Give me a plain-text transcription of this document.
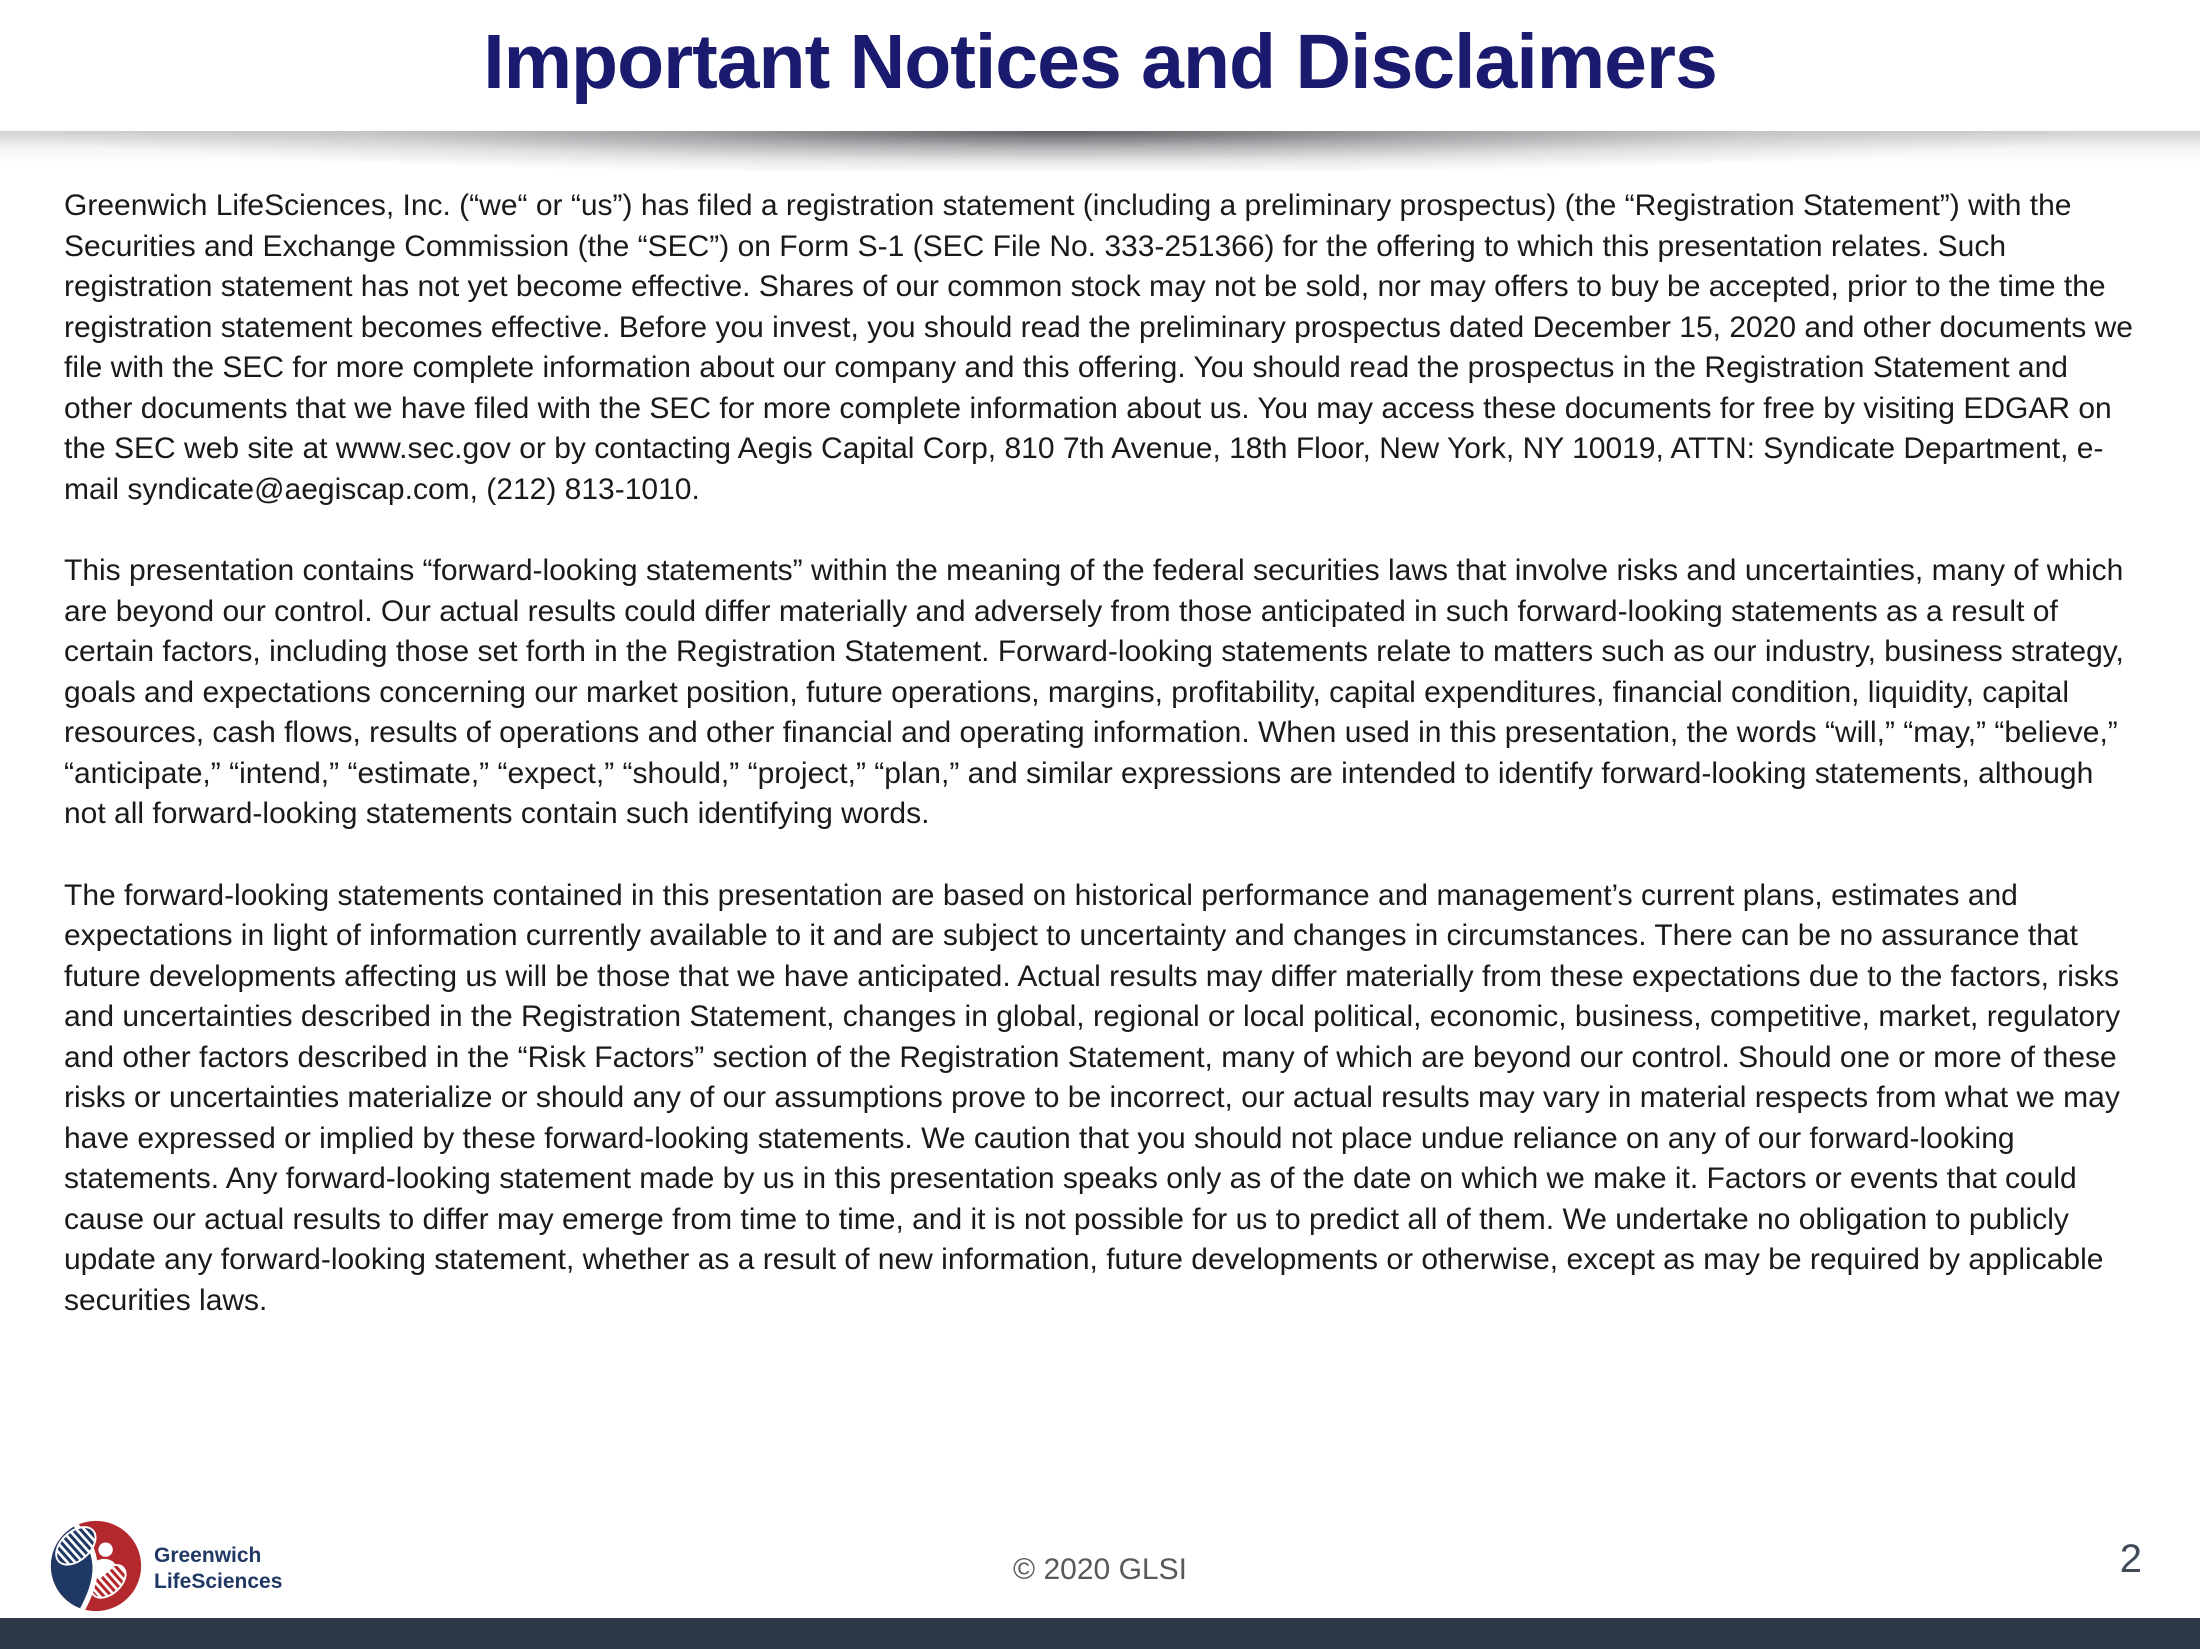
Important Notices and Disclaimers

Greenwich LifeSciences, Inc. (“we“ or “us”) has filed a registration statement (including a preliminary prospectus) (the “Registration Statement”) with the Securities and Exchange Commission (the “SEC”) on Form S-1 (SEC File No. 333-251366) for the offering to which this presentation relates. Such registration statement has not yet become effective. Shares of our common stock may not be sold, nor may offers to buy be accepted, prior to the time the registration statement becomes effective. Before you invest, you should read the preliminary prospectus dated December 15, 2020 and other documents we file with the SEC for more complete information about our company and this offering. You should read the prospectus in the Registration Statement and other documents that we have filed with the SEC for more complete information about us. You may access these documents for free by visiting EDGAR on the SEC web site at www.sec.gov or by contacting Aegis Capital Corp, 810 7th Avenue, 18th Floor, New York, NY 10019, ATTN: Syndicate Department, e-mail syndicate@aegiscap.com, (212) 813-1010.

This presentation contains “forward-looking statements” within the meaning of the federal securities laws that involve risks and uncertainties, many of which are beyond our control. Our actual results could differ materially and adversely from those anticipated in such forward-looking statements as a result of certain factors, including those set forth in the Registration Statement. Forward-looking statements relate to matters such as our industry, business strategy, goals and expectations concerning our market position, future operations, margins, profitability, capital expenditures, financial condition, liquidity, capital resources, cash flows, results of operations and other financial and operating information. When used in this presentation, the words “will,” “may,” “believe,” “anticipate,” “intend,” “estimate,” “expect,” “should,” “project,” “plan,” and similar expressions are intended to identify forward-looking statements, although not all forward-looking statements contain such identifying words.

The forward-looking statements contained in this presentation are based on historical performance and management’s current plans, estimates and expectations in light of information currently available to it and are subject to uncertainty and changes in circumstances. There can be no assurance that future developments affecting us will be those that we have anticipated. Actual results may differ materially from these expectations due to the factors, risks and uncertainties described in the Registration Statement, changes in global, regional or local political, economic, business, competitive, market, regulatory and other factors described in the “Risk Factors” section of the Registration Statement, many of which are beyond our control. Should one or more of these risks or uncertainties materialize or should any of our assumptions prove to be incorrect, our actual results may vary in material respects from what we may have expressed or implied by these forward-looking statements. We caution that you should not place undue reliance on any of our forward-looking statements. Any forward-looking statement made by us in this presentation speaks only as of the date on which we make it. Factors or events that could cause our actual results to differ may emerge from time to time, and it is not possible for us to predict all of them. We undertake no obligation to publicly update any forward-looking statement, whether as a result of new information, future developments or otherwise, except as may be required by applicable securities laws.

Greenwich
LifeSciences	© 2020 GLSI	2
